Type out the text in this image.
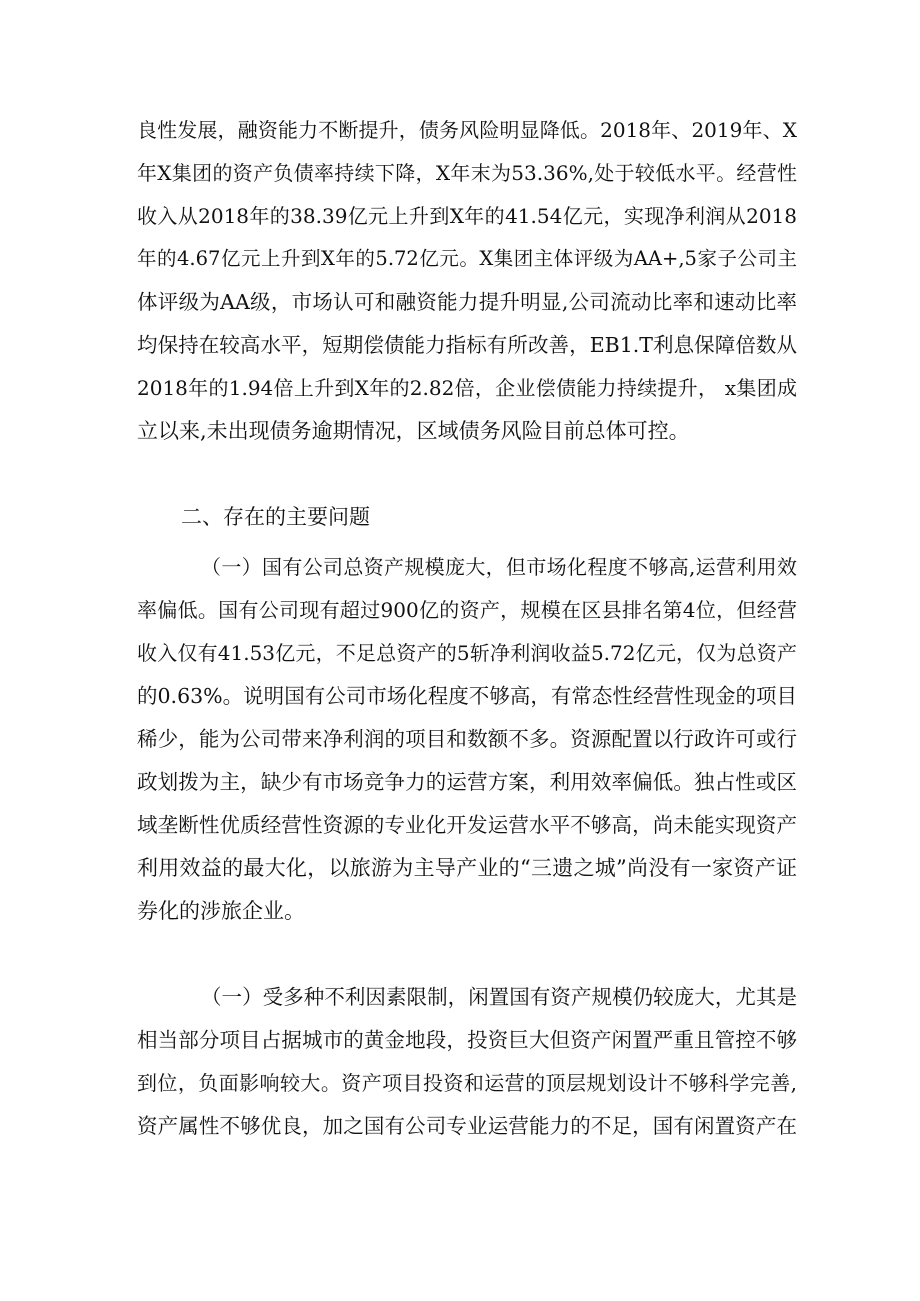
良性发展，融资能力不断提升，债务风险明显降低。2018年、2019年、X
年X集团的资产负债率持续下降，X年末为53.36%,处于较低水平。经营性
收入从2018年的38.39亿元上升到X年的41.54亿元，实现净利润从2018
年的4.67亿元上升到X年的5.72亿元。X集团主体评级为AA+,5家子公司主
体评级为AA级，市场认可和融资能力提升明显,公司流动比率和速动比率
均保持在较高水平，短期偿债能力指标有所改善，EB1.T利息保障倍数从
2018年的1.94倍上升到X年的2.82倍，企业偿债能力持续提升， x集团成
立以来,未出现债务逾期情况，区域债务风险目前总体可控。
二、存在的主要问题
（一）国有公司总资产规模庞大，但市场化程度不够高,运营利用效
率偏低。国有公司现有超过900亿的资产，规模在区县排名第4位，但经营
收入仅有41.53亿元，不足总资产的5斩净利润收益5.72亿元，仅为总资产
的0.63%。说明国有公司市场化程度不够高，有常态性经营性现金的项目
稀少，能为公司带来净利润的项目和数额不多。资源配置以行政许可或行
政划拨为主，缺少有市场竞争力的运营方案，利用效率偏低。独占性或区
域垄断性优质经营性资源的专业化开发运营水平不够高，尚未能实现资产
利用效益的最大化，以旅游为主导产业的“三遗之城”尚没有一家资产证
券化的涉旅企业。
（一）受多种不利因素限制，闲置国有资产规模仍较庞大，尤其是
相当部分项目占据城市的黄金地段，投资巨大但资产闲置严重且管控不够
到位，负面影响较大。资产项目投资和运营的顶层规划设计不够科学完善,
资产属性不够优良，加之国有公司专业运营能力的不足，国有闲置资产在
